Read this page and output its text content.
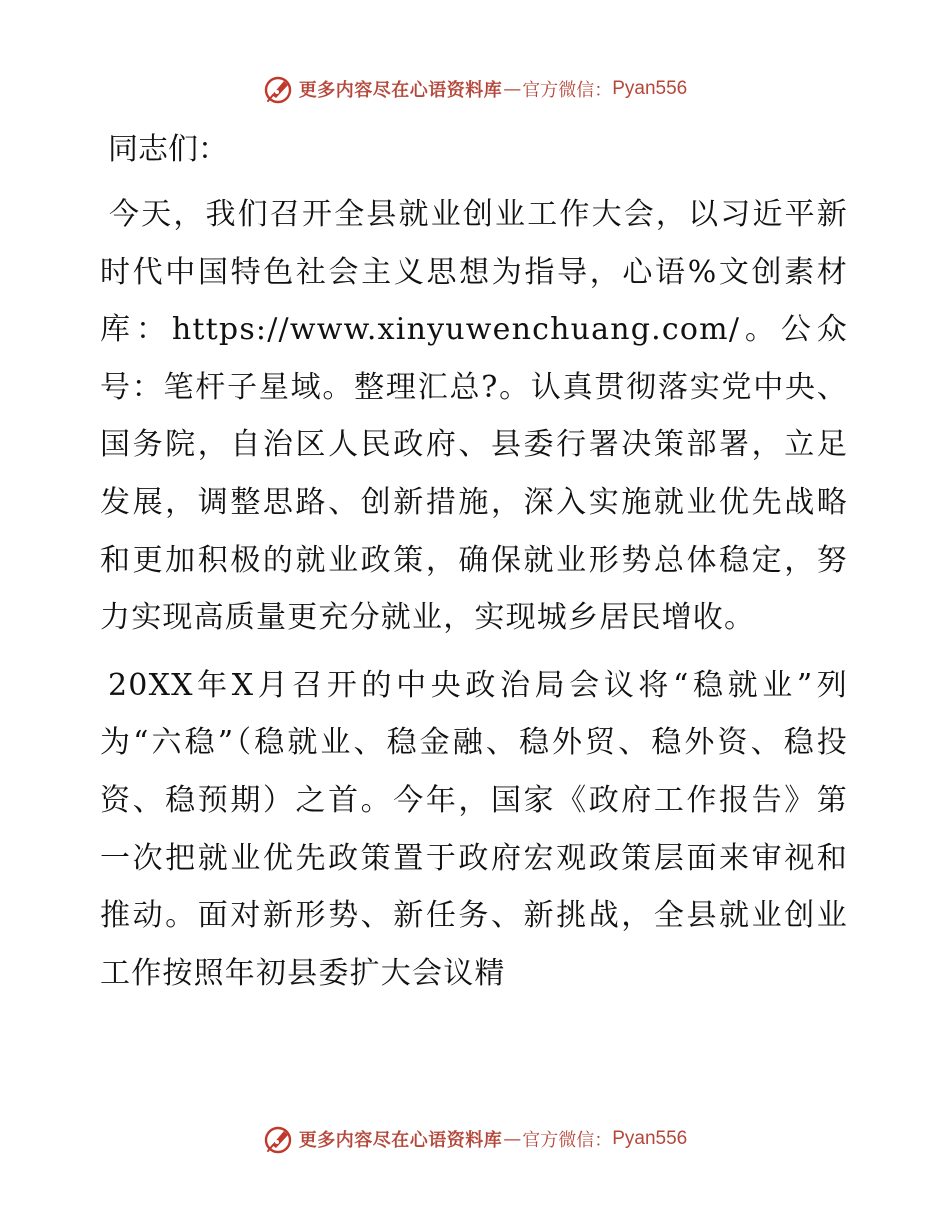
更多内容尽在心语资料库 — 官方微信： Pyan556
同志们：

今天，我们召开全县就业创业工作大会，以习近平新时代中国特色社会主义思想为指导，心语%文创素材库：https://www.xinyuwenchuang.com/。公众号：笔杆子星域。整理汇总?。认真贯彻落实党中央、国务院，自治区人民政府、县委行署决策部署，立足发展，调整思路、创新措施，深入实施就业优先战略和更加积极的就业政策，确保就业形势总体稳定，努力实现高质量更充分就业，实现城乡居民增收。

20XX年X月召开的中央政治局会议将“稳就业”列为“六稳”（稳就业、稳金融、稳外贸、稳外资、稳投资、稳预期）之首。今年，国家《政府工作报告》第一次把就业优先政策置于政府宏观政策层面来审视和推动。面对新形势、新任务、新挑战，全县就业创业工作按照年初县委扩大会议精

更多内容尽在心语资料库 — 官方微信： Pyan556
